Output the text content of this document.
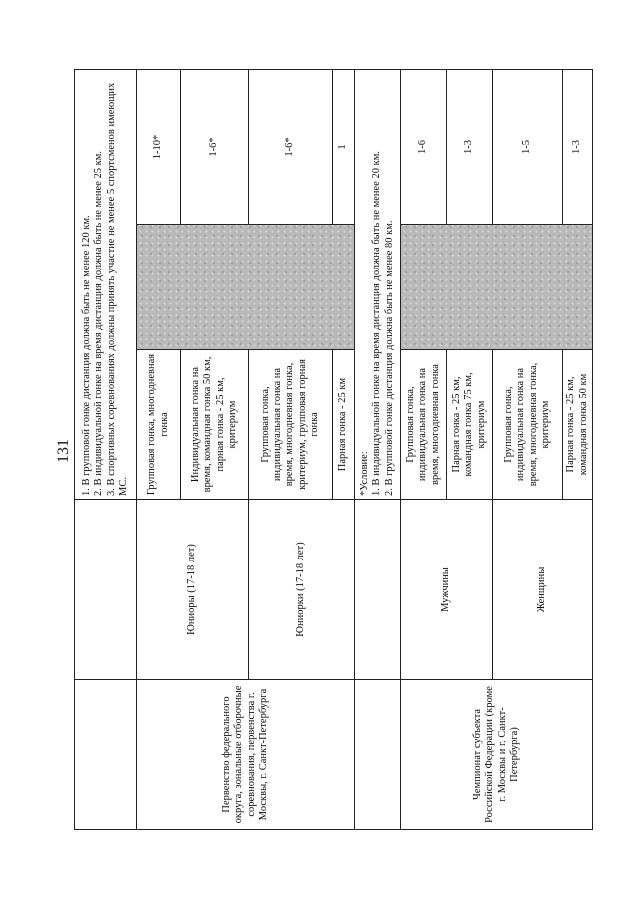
131

		1. В групповой гонке дистанция должна быть не менее 120 км. 2. В индивидуальной гонке на время дистанция должна быть не менее 25 км. 3. В спортивных соревнованиях должны принять участие не менее 5 спортсменов имеющих МС.		

Первенство федерального округа, зональные отборочные соревнования, первенства г. Москвы, г. Санкт-Петербурга	Юниоры (17-18 лет)	Групповая гонка, многодневная гонка		1-10*
		Индивидуальная гонка на время, командная гонка 50 км, парная гонка - 25 км, критериум		1-6*
	Юниорки (17-18 лет)	Групповая гонка, индивидуальная гонка на время, многодневная гонка, критериум, групповая горная гонка		1-6*
		Парная гонка - 25 км		1

		*Условие: 1. В индивидуальной гонке на время дистанция должна быть не менее 20 км. 2. В групповой гонке дистанция должна быть не менее 80 км.		

Чемпионат субъекта Российской Федерации (кроме г. Москвы и г. Санкт-Петербурга)	Мужчины	Групповая гонка, индивидуальная гонка на время, многодневная гонка		1-6
		Парная гонка - 25 км, командная гонка 75 км, критериум		1-3
	Женщины	Групповая гонка, индивидуальная гонка на время, многодневная гонка, критериум		1-5
		Парная гонка - 25 км, командная гонка 50 км		1-3
